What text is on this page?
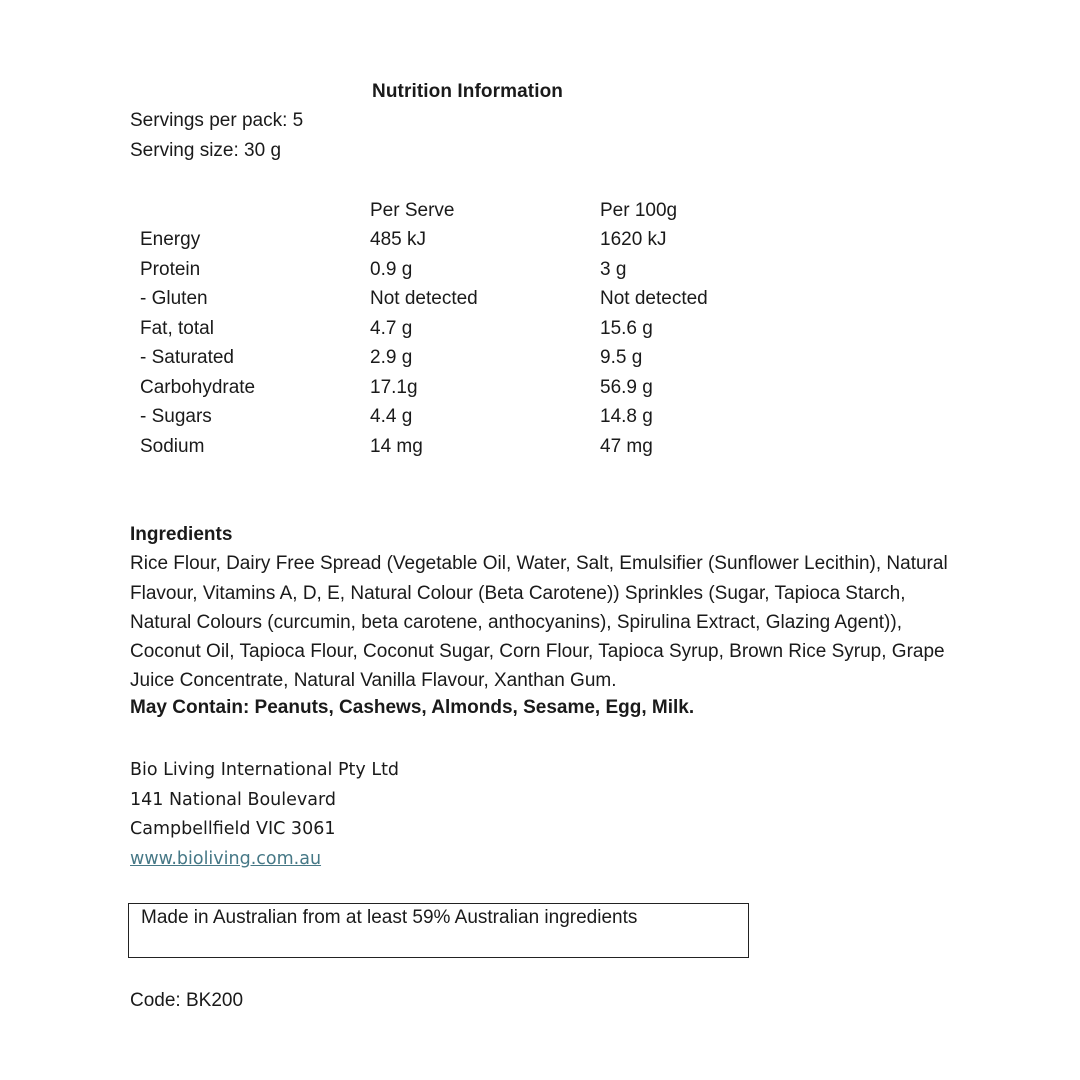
Nutrition Information
Servings per pack: 5
Serving size: 30 g
	Per Serve	Per 100g
Energy	485 kJ	1620 kJ
Protein	0.9 g	3 g
- Gluten	Not detected	Not detected
Fat, total	4.7 g	15.6 g
- Saturated	2.9 g	9.5 g
Carbohydrate	17.1g	56.9 g
- Sugars	4.4 g	14.8 g
Sodium	14 mg	47 mg
Ingredients
Rice Flour, Dairy Free Spread (Vegetable Oil, Water, Salt, Emulsifier (Sunflower Lecithin), Natural Flavour, Vitamins A, D, E, Natural Colour (Beta Carotene)) Sprinkles (Sugar, Tapioca Starch, Natural Colours (curcumin, beta carotene, anthocyanins), Spirulina Extract, Glazing Agent)), Coconut Oil, Tapioca Flour, Coconut Sugar, Corn Flour, Tapioca Syrup, Brown Rice Syrup, Grape Juice Concentrate, Natural Vanilla Flavour, Xanthan Gum.
May Contain: Peanuts, Cashews, Almonds, Sesame, Egg, Milk.
Bio Living International Pty Ltd
141 National Boulevard
Campbellfield VIC 3061
www.bioliving.com.au
Made in Australian from at least 59% Australian ingredients
Code: BK200
